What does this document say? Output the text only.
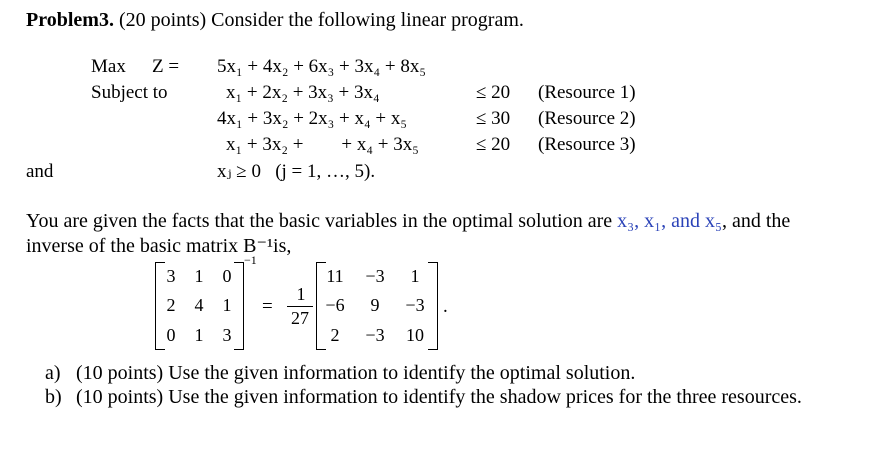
Problem3. (20 points) Consider the following linear program.
Max Z = 5x₁ + 4x₂ + 6x₃ + 3x₄ + 8x₅
Subject to	x₁ + 2x₂ + 3x₃ + 3x₄	≤ 20 (Resource 1)
4x₁ + 3x₂ + 2x₃ + x₄ + x₅	≤ 30 (Resource 2)
x₁ + 3x₂ +        + x₄ + 3x₅	≤ 20 (Resource 3)
and	xⱼ ≥ 0   (j = 1, …, 5).
You are given the facts that the basic variables in the optimal solution are x₃, x₁, and x₅, and the
inverse of the basic matrix B⁻¹is,
3	1	0
2	4	1
0	1	3
−1
=
1
27
11	−3	1
−6	9	−3
2	−3	10
.
a) (10 points) Use the given information to identify the optimal solution.
b) (10 points) Use the given information to identify the shadow prices for the three resources.
